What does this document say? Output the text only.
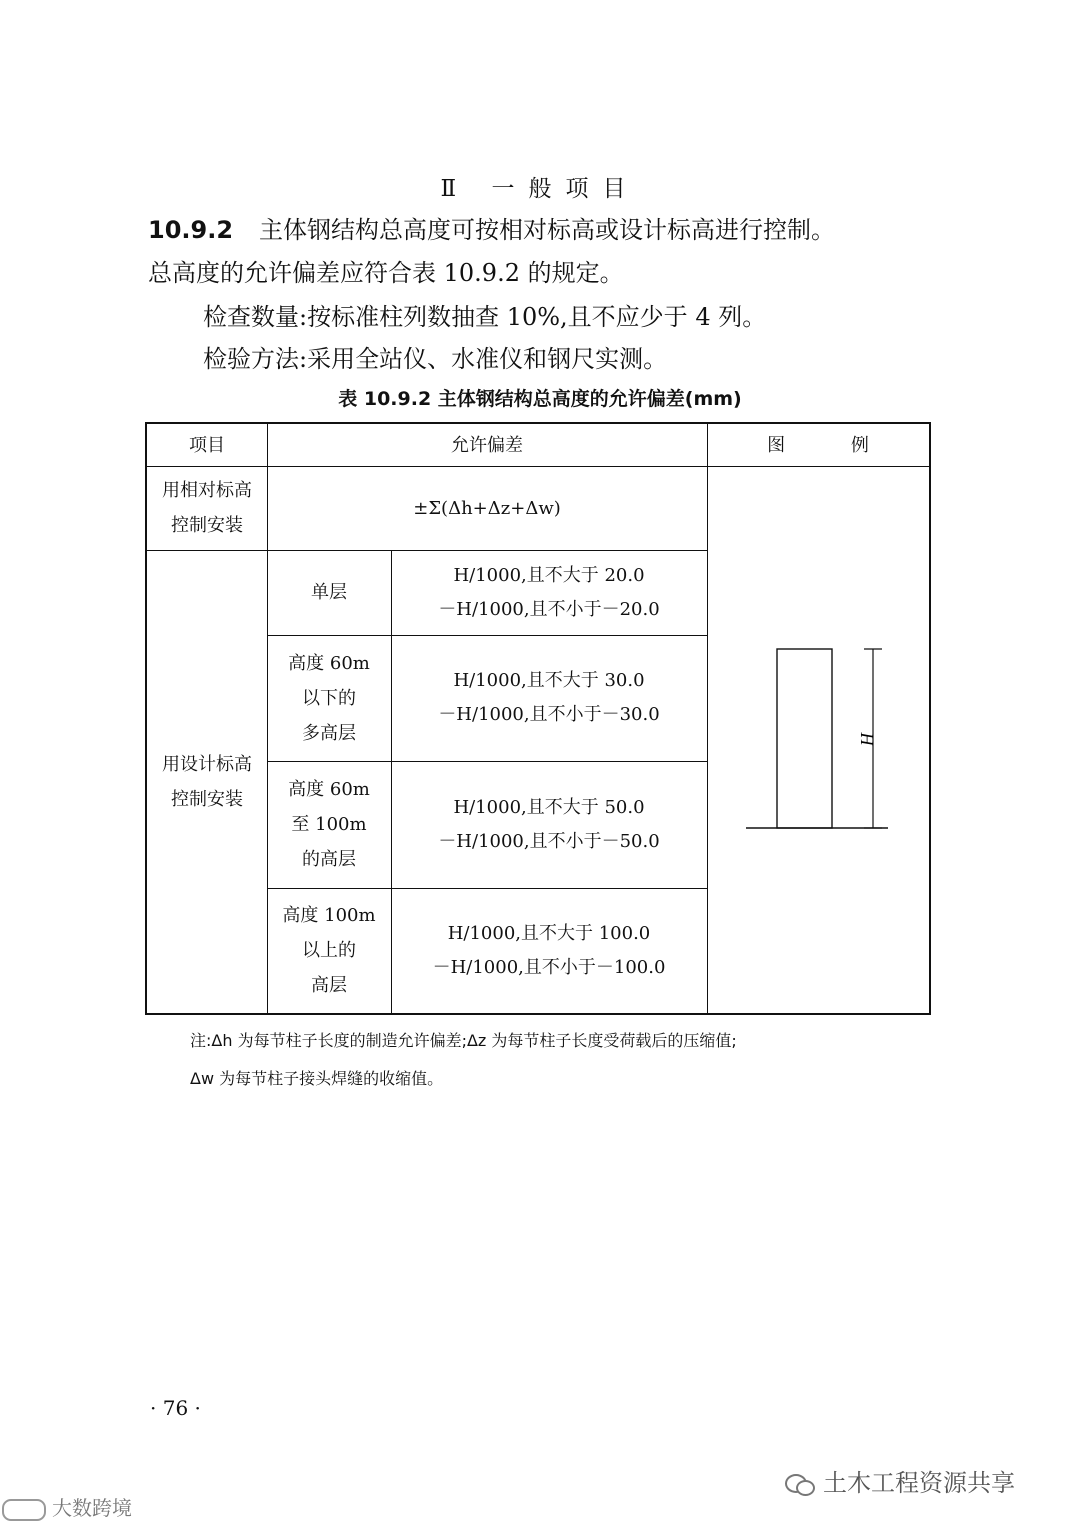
Ⅱ 一般项目
10.9.2 主体钢结构总高度可按相对标高或设计标高进行控制。
总高度的允许偏差应符合表 10.9.2 的规定。
检查数量:按标准柱列数抽查 10%,且不应少于 4 列。
检验方法:采用全站仪、水准仪和钢尺实测。
表 10.9.2 主体钢结构总高度的允许偏差(mm)
项目	允许偏差	图 例
用相对标高
控制安装
±Σ(Δh+Δz+Δw)
用设计标高
控制安装
单层
H/1000,且不大于 20.0
－H/1000,且不小于－20.0
高度 60m
以下的
多高层
H/1000,且不大于 30.0
－H/1000,且不小于－30.0
高度 60m
至 100m
的高层
H/1000,且不大于 50.0
－H/1000,且不小于－50.0
高度 100m
以上的
高层
H/1000,且不大于 100.0
－H/1000,且不小于－100.0
H
注:Δh 为每节柱子长度的制造允许偏差;Δz 为每节柱子长度受荷载后的压缩值;
Δw 为每节柱子接头焊缝的收缩值。
· 76 ·
土木工程资源共享
大数跨境
